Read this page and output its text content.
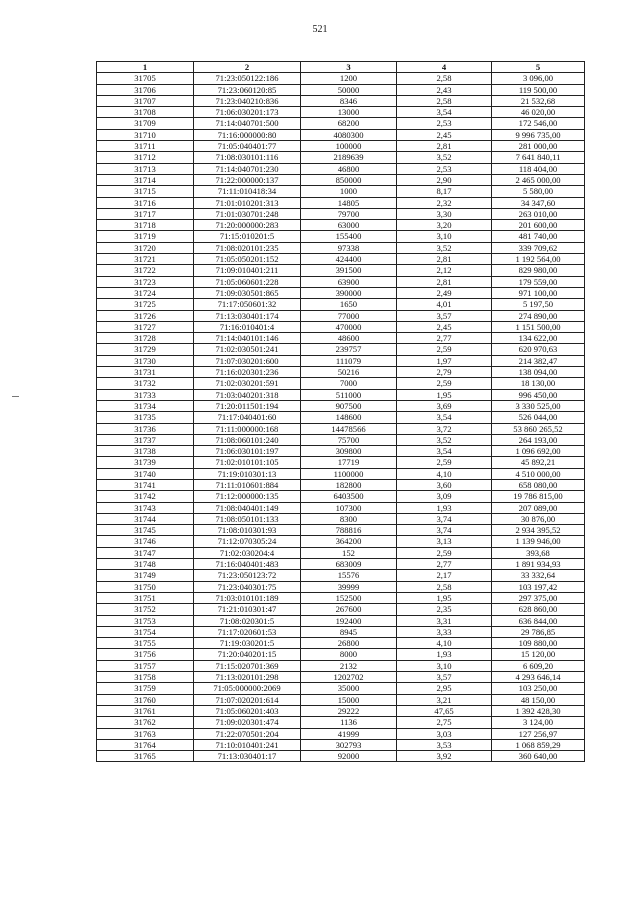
521
1	2	3	4	5
31705	71:23:050122:186	1200	2,58	3 096,00
31706	71:23:060120:85	50000	2,43	119 500,00
31707	71:23:040210:836	8346	2,58	21 532,68
31708	71:06:030201:173	13000	3,54	46 020,00
31709	71:14:040701:500	68200	2,53	172 546,00
31710	71:16:000000:80	4080300	2,45	9 996 735,00
31711	71:05:040401:77	100000	2,81	281 000,00
31712	71:08:030101:116	2189639	3,52	7 641 840,11
31713	71:14:040701:230	46800	2,53	118 404,00
31714	71:22:000000:137	850000	2,90	2 465 000,00
31715	71:11:010418:34	1000	8,17	5 580,00
31716	71:01:010201:313	14805	2,32	34 347,60
31717	71:01:030701:248	79700	3,30	263 010,00
31718	71:20:000000:283	63000	3,20	201 600,00
31719	71:15:010201:5	155400	3,10	481 740,00
31720	71:08:020101:235	97338	3,52	339 709,62
31721	71:05:050201:152	424400	2,81	1 192 564,00
31722	71:09:010401:211	391500	2,12	829 980,00
31723	71:05:060601:228	63900	2,81	179 559,00
31724	71:09:030501:865	390000	2,49	971 100,00
31725	71:17:050601:32	1650	4,01	5 197,50
31726	71:13:030401:174	77000	3,57	274 890,00
31727	71:16:010401:4	470000	2,45	1 151 500,00
31728	71:14:040101:146	48600	2,77	134 622,00
31729	71:02:030501:241	239757	2,59	620 970,63
31730	71:07:030201:600	111079	1,97	214 382,47
31731	71:16:020301:236	50216	2,79	138 094,00
31732	71:02:030201:591	7000	2,59	18 130,00
31733	71:03:040201:318	511000	1,95	996 450,00
31734	71:20:011501:194	907500	3,69	3 330 525,00
31735	71:17:040401:60	148600	3,54	526 044,00
31736	71:11:000000:168	14478566	3,72	53 860 265,52
31737	71:08:060101:240	75700	3,52	264 193,00
31738	71:06:030101:197	309800	3,54	1 096 692,00
31739	71:02:010101:105	17719	2,59	45 892,21
31740	71:19:010301:13	1100000	4,10	4 510 000,00
31741	71:11:010601:884	182800	3,60	658 080,00
31742	71:12:000000:135	6403500	3,09	19 786 815,00
31743	71:08:040401:149	107300	1,93	207 089,00
31744	71:08:050101:133	8300	3,74	30 876,00
31745	71:08:010301:93	788816	3,74	2 934 395,52
31746	71:12:070305:24	364200	3,13	1 139 946,00
31747	71:02:030204:4	152	2,59	393,68
31748	71:16:040401:483	683009	2,77	1 891 934,93
31749	71:23:050123:72	15576	2,17	33 332,64
31750	71:23:040301:75	39999	2,58	103 197,42
31751	71:03:010101:189	152500	1,95	297 375,00
31752	71:21:010301:47	267600	2,35	628 860,00
31753	71:08:020301:5	192400	3,31	636 844,00
31754	71:17:020601:53	8945	3,33	29 786,85
31755	71:19:030201:5	26800	4,10	109 880,00
31756	71:20:040201:15	8000	1,93	15 120,00
31757	71:15:020701:369	2132	3,10	6 609,20
31758	71:13:020101:298	1202702	3,57	4 293 646,14
31759	71:05:000000:2069	35000	2,95	103 250,00
31760	71:07:020201:614	15000	3,21	48 150,00
31761	71:05:060201:403	29222	47,65	1 392 428,30
31762	71:09:020301:474	1136	2,75	3 124,00
31763	71:22:070501:204	41999	3,03	127 256,97
31764	71:10:010401:241	302793	3,53	1 068 859,29
31765	71:13:030401:17	92000	3,92	360 640,00
